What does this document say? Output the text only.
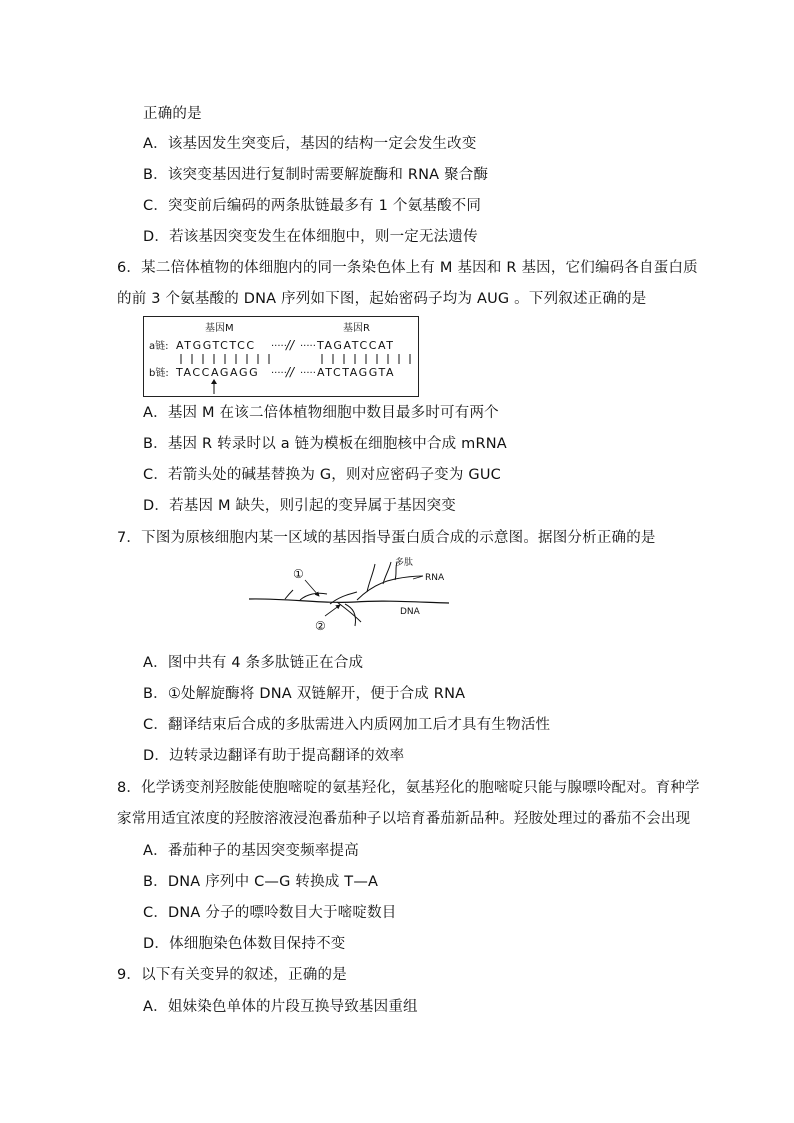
正确的是
A．该基因发生突变后，基因的结构一定会发生改变
B．该突变基因进行复制时需要解旋酶和 RNA 聚合酶
C．突变前后编码的两条肽链最多有 1 个氨基酸不同
D．若该基因突变发生在体细胞中，则一定无法遗传
6．某二倍体植物的体细胞内的同一条染色体上有 M 基因和 R 基因，它们编码各自蛋白质
的前 3 个氨基酸的 DNA 序列如下图，起始密码子均为 AUG 。下列叙述正确的是
基因M	基因R
a链: ATGGTCTCC ····· // ····· TAGATCCAT
b链: TACCAGAGG ····· // ····· ATCTAGGTA
A．基因 M 在该二倍体植物细胞中数目最多时可有两个
B．基因 R 转录时以 a 链为模板在细胞核中合成 mRNA
C．若箭头处的碱基替换为 G，则对应密码子变为 GUC
D．若基因 M 缺失，则引起的变异属于基因突变
7．下图为原核细胞内某一区域的基因指导蛋白质合成的示意图。据图分析正确的是
①
②
多肽
RNA
DNA
A．图中共有 4 条多肽链正在合成
B．①处解旋酶将 DNA 双链解开，便于合成 RNA
C．翻译结束后合成的多肽需进入内质网加工后才具有生物活性
D．边转录边翻译有助于提高翻译的效率
8．化学诱变剂羟胺能使胞嘧啶的氨基羟化，氨基羟化的胞嘧啶只能与腺嘌呤配对。育种学
家常用适宜浓度的羟胺溶液浸泡番茄种子以培育番茄新品种。羟胺处理过的番茄不会出现
A．番茄种子的基因突变频率提高
B．DNA 序列中 C—G 转换成 T—A
C．DNA 分子的嘌呤数目大于嘧啶数目
D．体细胞染色体数目保持不变
9．以下有关变异的叙述，正确的是
A．姐妹染色单体的片段互换导致基因重组
